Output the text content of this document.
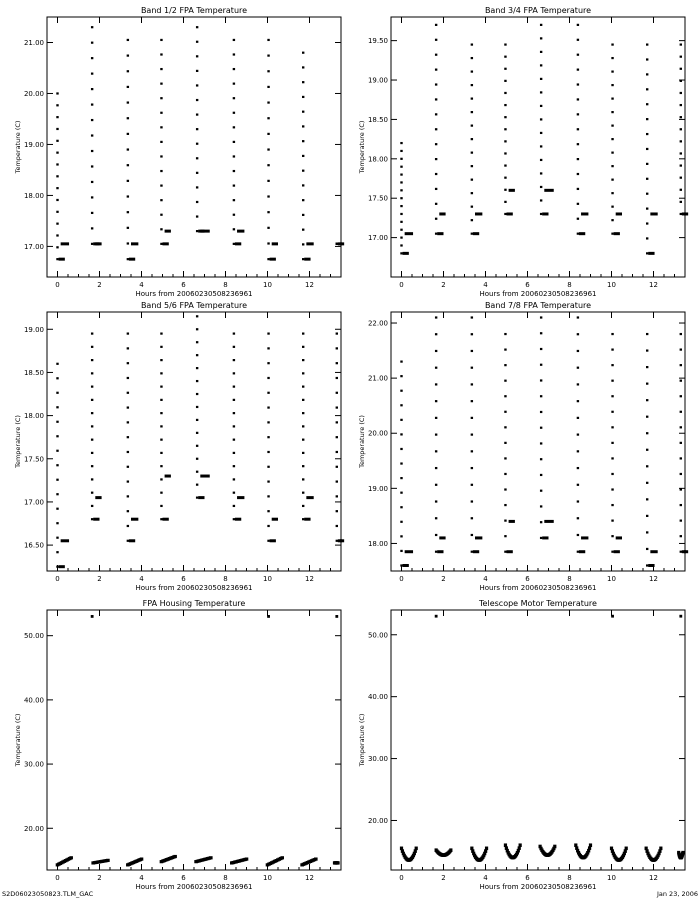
Band 1/2 FPA Temperature
Hours from 20060230508236961
Temperature (C)
0	2	4	6	8	10	12
17.00
18.00
19.00
20.00
21.00
Band 3/4 FPA Temperature
Hours from 20060230508236961
Temperature (C)
0	2	4	6	8	10	12
17.00
17.50
18.00
18.50
19.00
19.50
Band 5/6 FPA Temperature
Hours from 20060230508236961
Temperature (C)
0	2	4	6	8	10	12
16.50
17.00
17.50
18.00
18.50
19.00
Band 7/8 FPA Temperature
Hours from 20060230508236961
Temperature (C)
0	2	4	6	8	10	12
18.00
19.00
20.00
21.00
22.00
FPA Housing Temperature
Hours from 20060230508236961
Temperature (C)
0	2	4	6	8	10	12
20.00
30.00
40.00
50.00
Telescope Motor Temperature
Hours from 20060230508236961
Temperature (C)
0	2	4	6	8	10	12
20.00
30.00
40.00
50.00
S2D06023050823.TLM_GAC	Jan 23, 2006
